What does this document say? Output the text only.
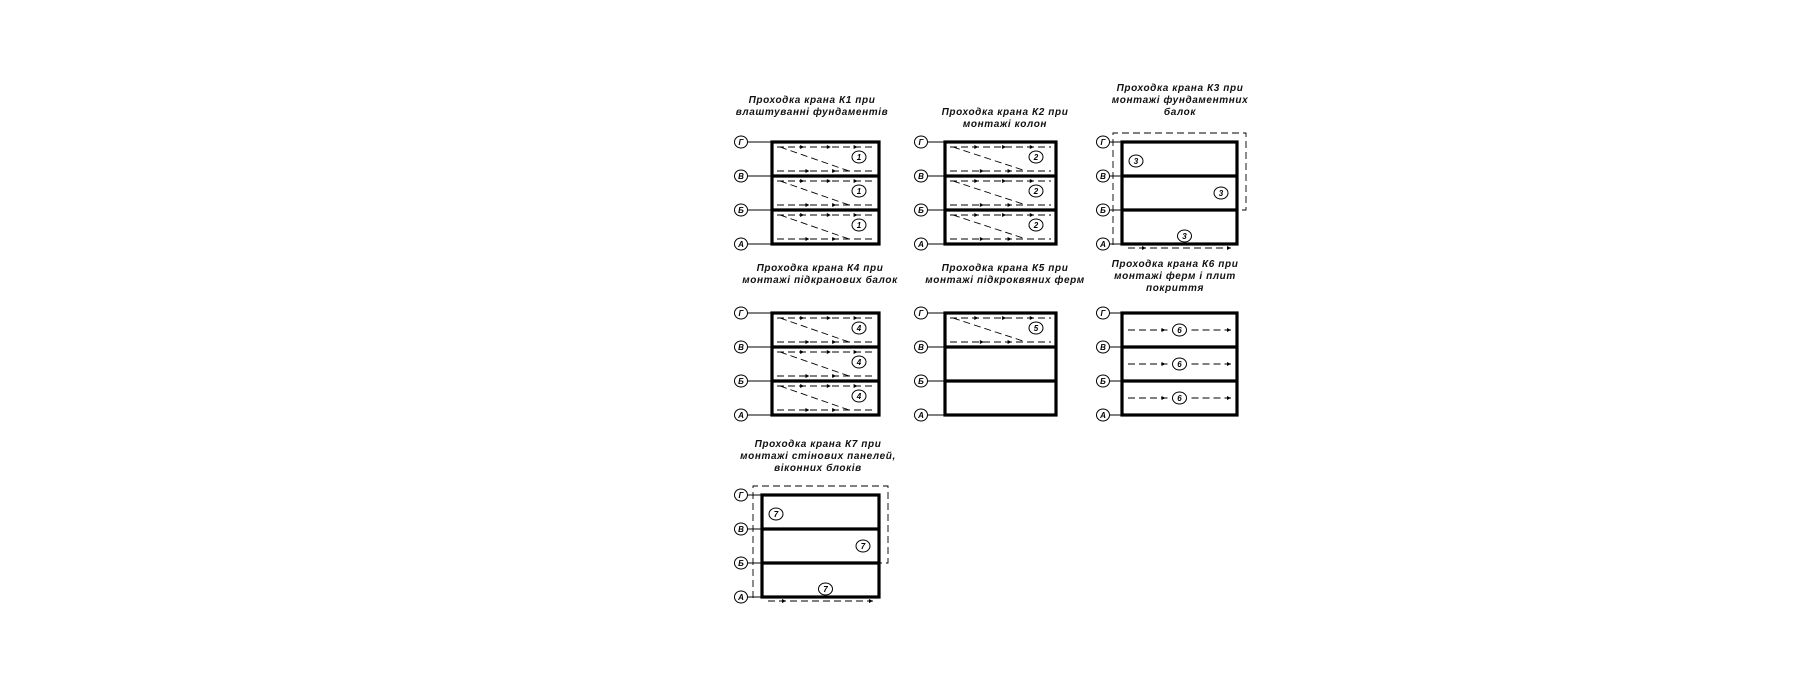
Проходка крана К1 при влаштуванні фундаментів
Г
В
Б
А
1
1
1
Проходка крана К2 при монтажі колон
Г
В
Б
А
2
2
2
Проходка крана К3 при монтажі фундаментних балок
Г
В
Б
А
3
3
3
Проходка крана К4 при монтажі підкранових балок
Г
В
Б
А
4
4
4
Проходка крана К5 при монтажі підкроквяних ферм
Г
В
Б
А
5
Проходка крана К6 при монтажі ферм і плит покриття
Г
В
Б
А
6
6
6
Проходка крана К7 при монтажі стінових панелей, віконних блоків
Г
В
Б
А
7
7
7
